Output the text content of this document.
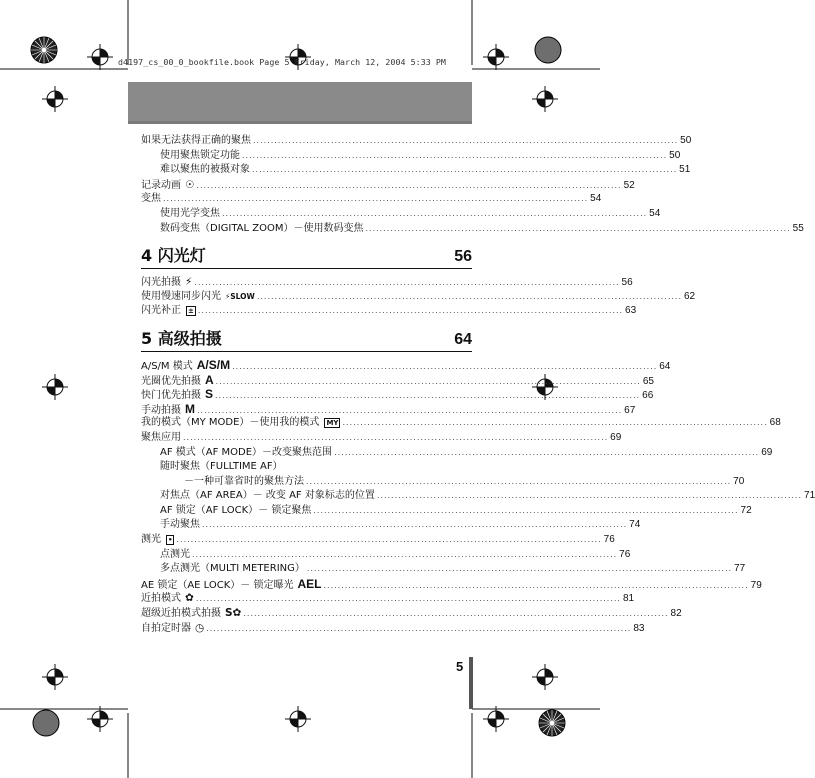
d4197_cs_00_0_bookfile.book Page 5 Friday, March 12, 2004 5:33 PM
如果无法获得正确的聚焦 ........................................................................................................................ 50
使用聚焦锁定功能 ........................................................................................................................ 50
难以聚焦的被摄对象 ........................................................................................................................ 51
记录动画 ☉ ........................................................................................................................ 52
变焦 ........................................................................................................................ 54
使用光学变焦 ........................................................................................................................ 54
数码变焦（DIGITAL ZOOM）－使用数码变焦 ........................................................................................................................ 55
4 闪光灯	56
闪光拍摄 ⚡ ........................................................................................................................ 56
使用慢速同步闪光 ⚡SLOW ........................................................................................................................ 62
闪光补正 ± ........................................................................................................................ 63
5 高级拍摄	64
A/S/M 模式 A/S/M ........................................................................................................................ 64
光圈优先拍摄 A ........................................................................................................................ 65
快门优先拍摄 S ........................................................................................................................ 66
手动拍摄 M ........................................................................................................................ 67
我的模式（MY MODE）－使用我的模式 MY ........................................................................................................................ 68
聚焦应用 ........................................................................................................................ 69
AF 模式（AF MODE）－改变聚焦范围 ........................................................................................................................ 69
随时聚焦（FULLTIME AF）
－一种可靠省时的聚焦方法 ........................................................................................................................ 70
对焦点（AF AREA）－ 改变 AF 对象标志的位置 ........................................................................................................................ 71
AF 锁定（AF LOCK）－ 锁定聚焦 ........................................................................................................................ 72
手动聚焦 ........................................................................................................................ 74
测光 • ........................................................................................................................ 76
点测光 ........................................................................................................................ 76
多点测光（MULTI METERING） ........................................................................................................................ 77
AE 锁定（AE LOCK）－ 锁定曝光 AEL ........................................................................................................................ 79
近拍模式 ✿ ........................................................................................................................ 81
超级近拍模式拍摄 S✿ ........................................................................................................................ 82
自拍定时器 ◷ ........................................................................................................................ 83
5
